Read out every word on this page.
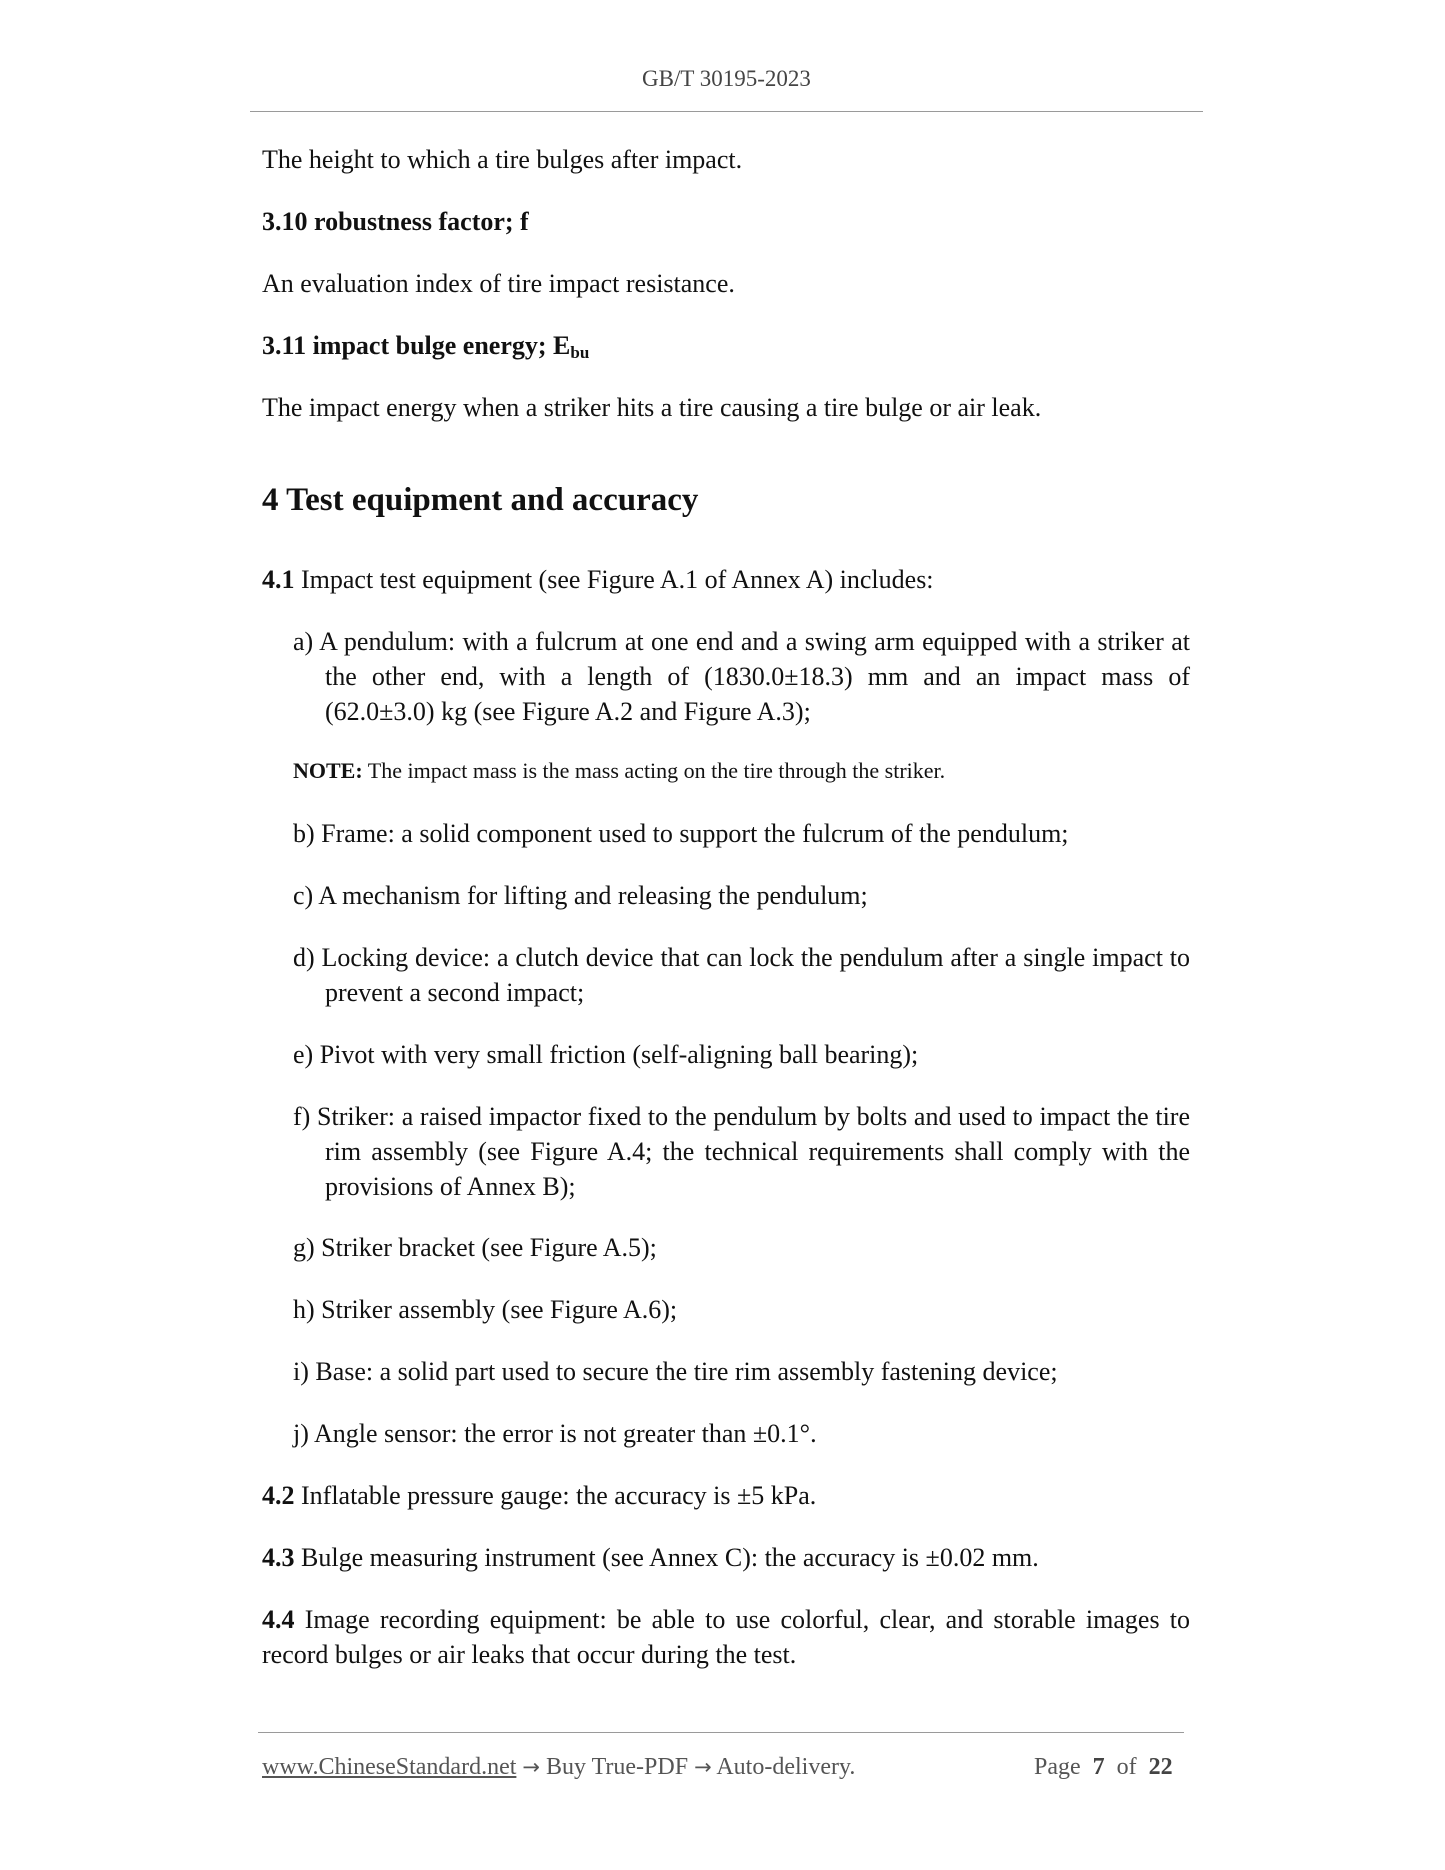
GB/T 30195-2023

The height to which a tire bulges after impact.

3.10 robustness factor; f

An evaluation index of tire impact resistance.

3.11 impact bulge energy; $E_{bu}$

The impact energy when a striker hits a tire causing a tire bulge or air leak.

4 Test equipment and accuracy

4.1 Impact test equipment (see Figure A.1 of Annex A) includes:

a) A pendulum: with a fulcrum at one end and a swing arm equipped with a striker at the other end, with a length of (1830.0±18.3) mm and an impact mass of (62.0±3.0) kg (see Figure A.2 and Figure A.3);

NOTE: The impact mass is the mass acting on the tire through the striker.

b) Frame: a solid component used to support the fulcrum of the pendulum;

c) A mechanism for lifting and releasing the pendulum;

d) Locking device: a clutch device that can lock the pendulum after a single impact to prevent a second impact;

e) Pivot with very small friction (self-aligning ball bearing);

f) Striker: a raised impactor fixed to the pendulum by bolts and used to impact the tire rim assembly (see Figure A.4; the technical requirements shall comply with the provisions of Annex B);

g) Striker bracket (see Figure A.5);

h) Striker assembly (see Figure A.6);

i) Base: a solid part used to secure the tire rim assembly fastening device;

j) Angle sensor: the error is not greater than ±0.1°.

4.2 Inflatable pressure gauge: the accuracy is ±5 kPa.

4.3 Bulge measuring instrument (see Annex C): the accuracy is ±0.02 mm.

4.4 Image recording equipment: be able to use colorful, clear, and storable images to record bulges or air leaks that occur during the test.

www.ChineseStandard.net → Buy True-PDF → Auto-delivery.	Page 7 of 22
